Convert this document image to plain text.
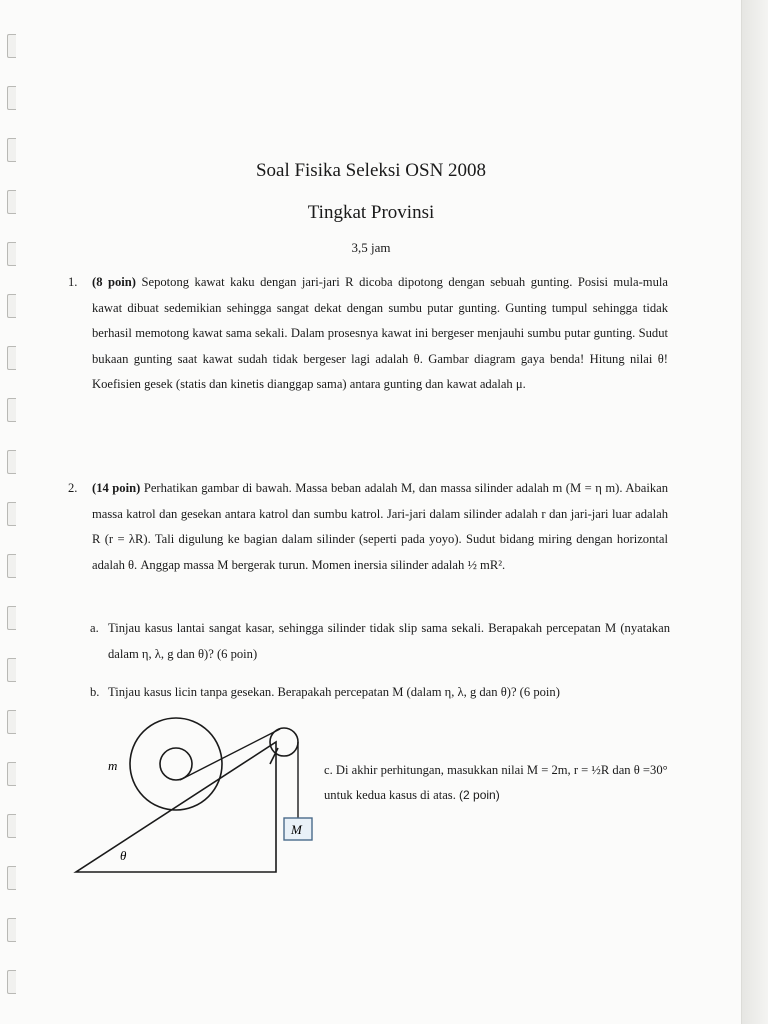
Soal Fisika Seleksi OSN 2008
Tingkat Provinsi
3,5 jam
1. (8 poin) Sepotong kawat kaku dengan jari-jari R dicoba dipotong dengan sebuah gunting. Posisi mula-mula kawat dibuat sedemikian sehingga sangat dekat dengan sumbu putar gunting. Gunting tumpul sehingga tidak berhasil memotong kawat sama sekali. Dalam prosesnya kawat ini bergeser menjauhi sumbu putar gunting. Sudut bukaan gunting saat kawat sudah tidak bergeser lagi adalah θ. Gambar diagram gaya benda! Hitung nilai θ! Koefisien gesek (statis dan kinetis dianggap sama) antara gunting dan kawat adalah μ.
2. (14 poin) Perhatikan gambar di bawah. Massa beban adalah M, dan massa silinder adalah m (M = η m). Abaikan massa katrol dan gesekan antara katrol dan sumbu katrol. Jari-jari dalam silinder adalah r dan jari-jari luar adalah R (r = λR). Tali digulung ke bagian dalam silinder (seperti pada yoyo). Sudut bidang miring dengan horizontal adalah θ. Anggap massa M bergerak turun. Momen inersia silinder adalah ½ mR².
a. Tinjau kasus lantai sangat kasar, sehingga silinder tidak slip sama sekali. Berapakah percepatan M (nyatakan dalam η, λ, g dan θ)? (6 poin)
b. Tinjau kasus licin tanpa gesekan. Berapakah percepatan M (dalam η, λ, g dan θ)? (6 poin)
M
m
θ
c. Di akhir perhitungan, masukkan nilai M = 2m, r = ½R dan θ =30° untuk kedua kasus di atas. (2 poin)
